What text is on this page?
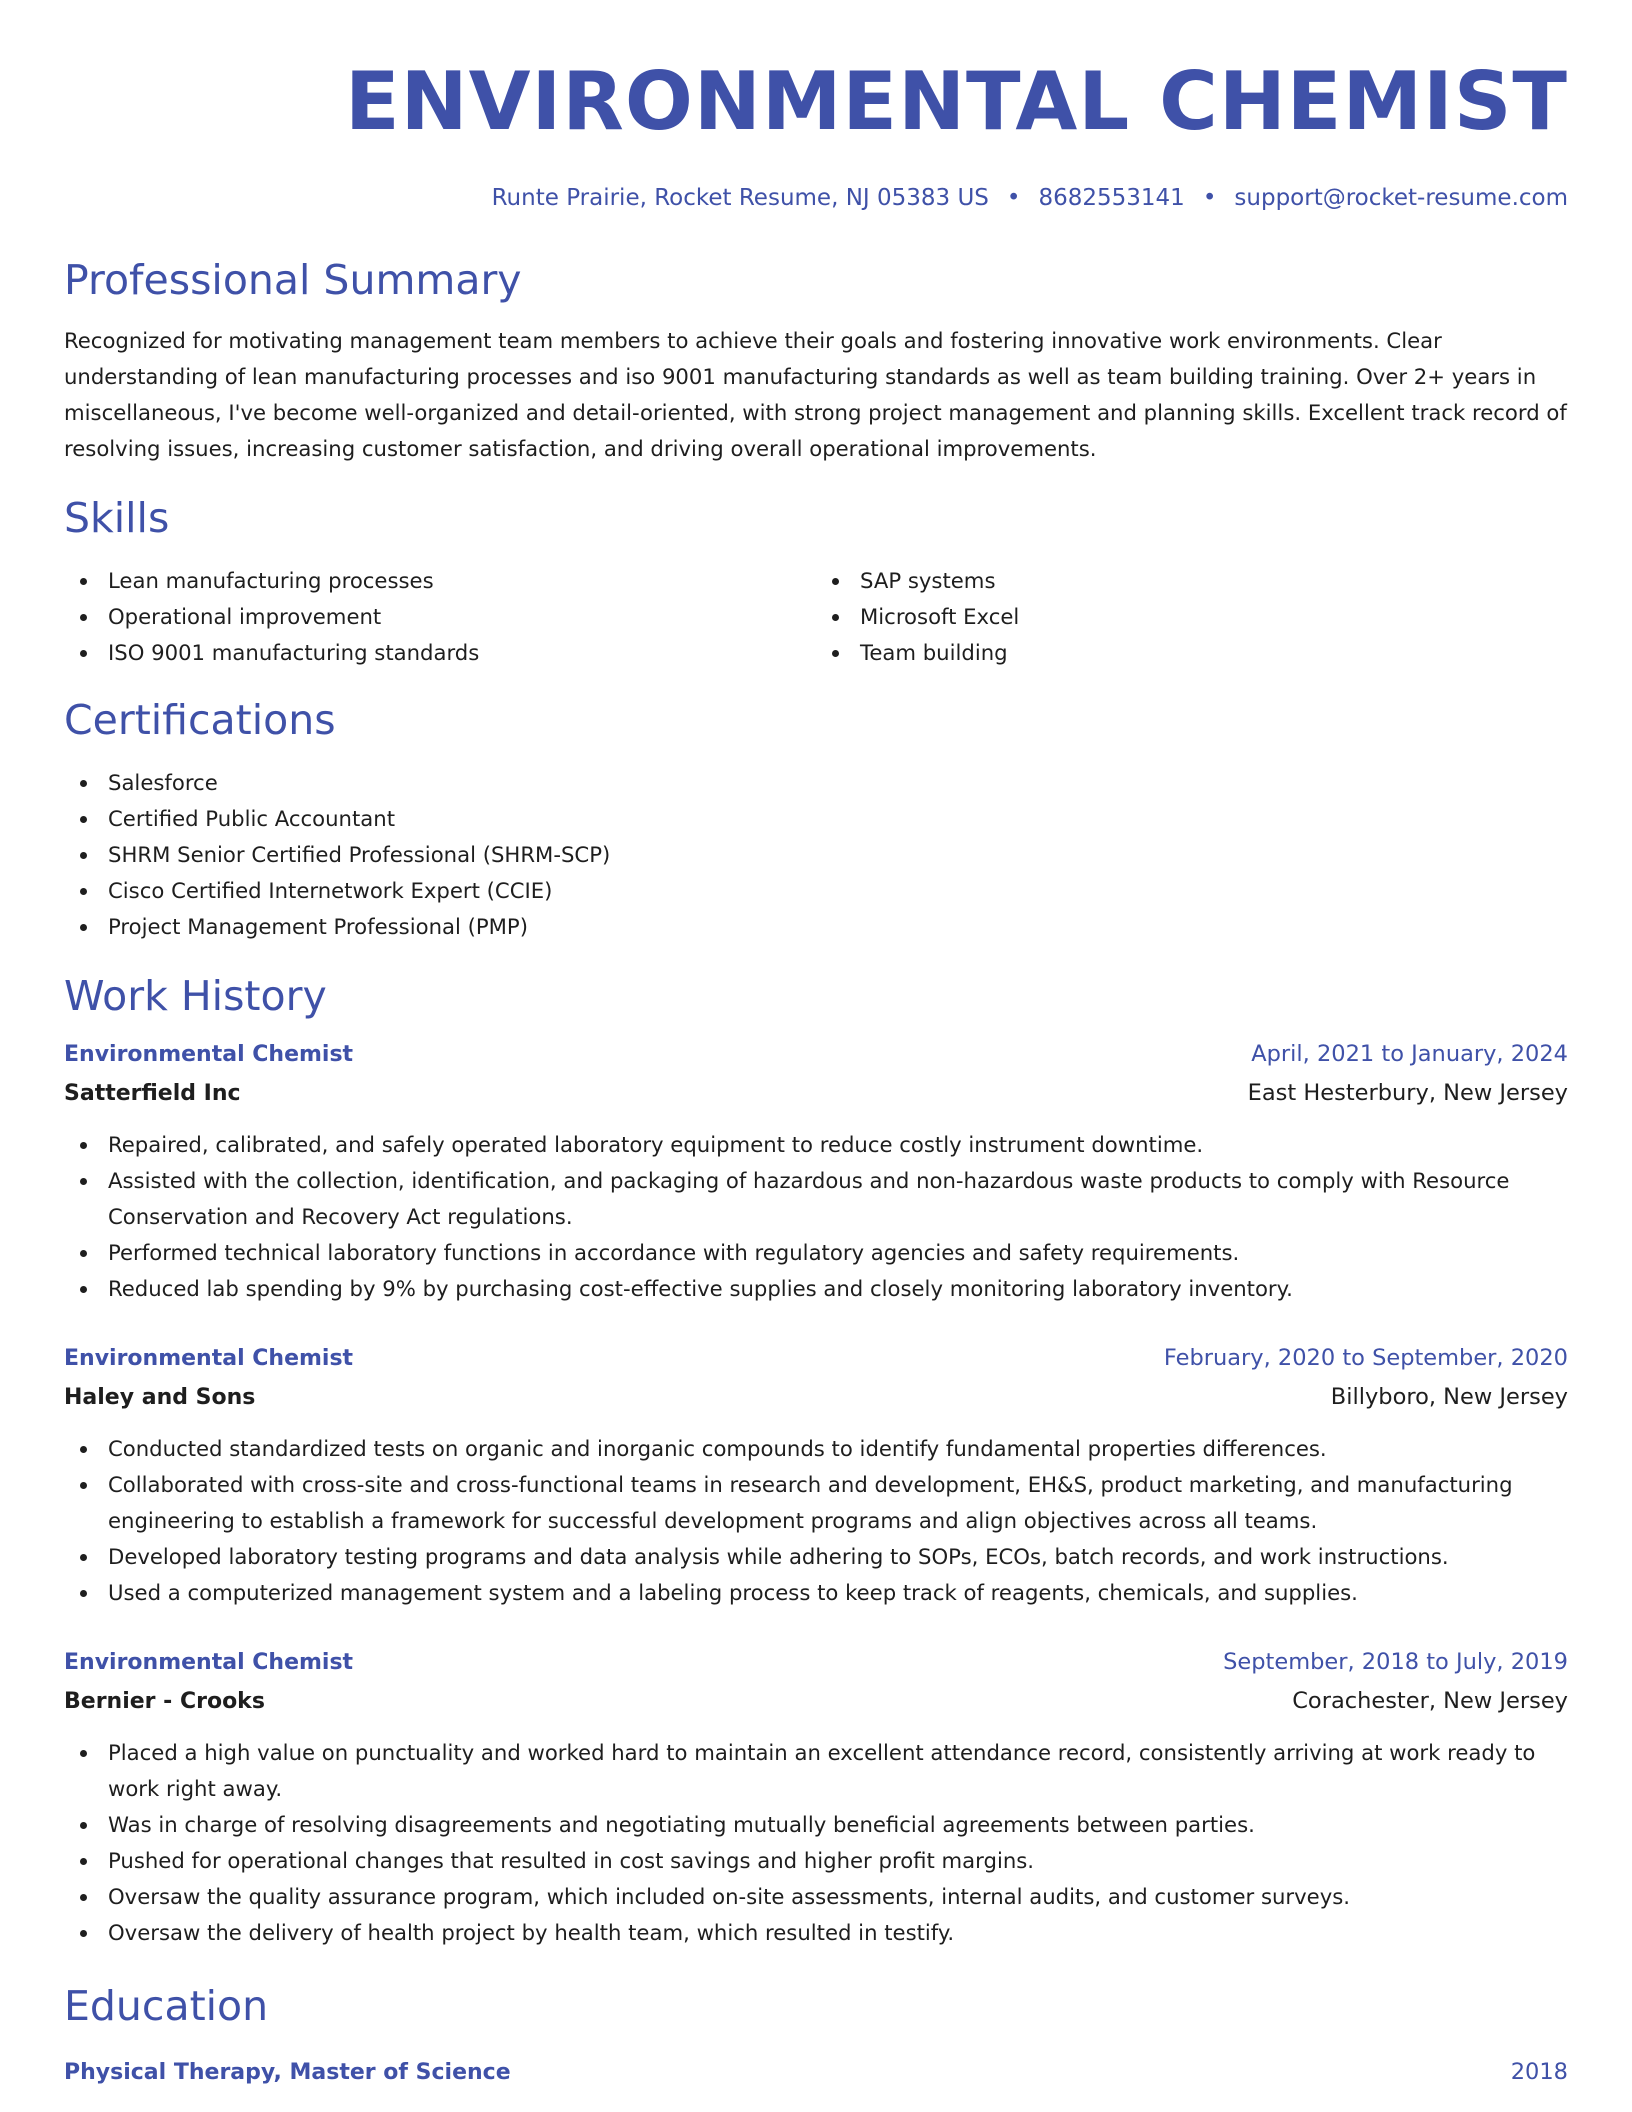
ENVIRONMENTAL CHEMIST
Runte Prairie, Rocket Resume, NJ 05383 US • 8682553141 • support@rocket-resume.com
Professional Summary

Recognized for motivating management team members to achieve their goals and fostering innovative work environments. Clear understanding of lean manufacturing processes and iso 9001 manufacturing standards as well as team building training. Over 2+ years in miscellaneous, I've become well-organized and detail-oriented, with strong project management and planning skills. Excellent track record of resolving issues, increasing customer satisfaction, and driving overall operational improvements.

Skills
Lean manufacturing processes
Operational improvement
ISO 9001 manufacturing standards
SAP systems
Microsoft Excel
Team building
Certifications
Salesforce
Certified Public Accountant
SHRM Senior Certified Professional (SHRM-SCP)
Cisco Certified Internetwork Expert (CCIE)
Project Management Professional (PMP)
Work History
Environmental Chemist	April, 2021 to January, 2024
Satterfield Inc	East Hesterbury, New Jersey
Repaired, calibrated, and safely operated laboratory equipment to reduce costly instrument downtime.
Assisted with the collection, identification, and packaging of hazardous and non-hazardous waste products to comply with Resource Conservation and Recovery Act regulations.
Performed technical laboratory functions in accordance with regulatory agencies and safety requirements.
Reduced lab spending by 9% by purchasing cost-effective supplies and closely monitoring laboratory inventory.
Environmental Chemist	February, 2020 to September, 2020
Haley and Sons	Billyboro, New Jersey
Conducted standardized tests on organic and inorganic compounds to identify fundamental properties differences.
Collaborated with cross-site and cross-functional teams in research and development, EH&S, product marketing, and manufacturing engineering to establish a framework for successful development programs and align objectives across all teams.
Developed laboratory testing programs and data analysis while adhering to SOPs, ECOs, batch records, and work instructions.
Used a computerized management system and a labeling process to keep track of reagents, chemicals, and supplies.
Environmental Chemist	September, 2018 to July, 2019
Bernier - Crooks	Corachester, New Jersey
Placed a high value on punctuality and worked hard to maintain an excellent attendance record, consistently arriving at work ready to work right away.
Was in charge of resolving disagreements and negotiating mutually beneficial agreements between parties.
Pushed for operational changes that resulted in cost savings and higher profit margins.
Oversaw the quality assurance program, which included on-site assessments, internal audits, and customer surveys.
Oversaw the delivery of health project by health team, which resulted in testify.
Education
Physical Therapy, Master of Science	2018
